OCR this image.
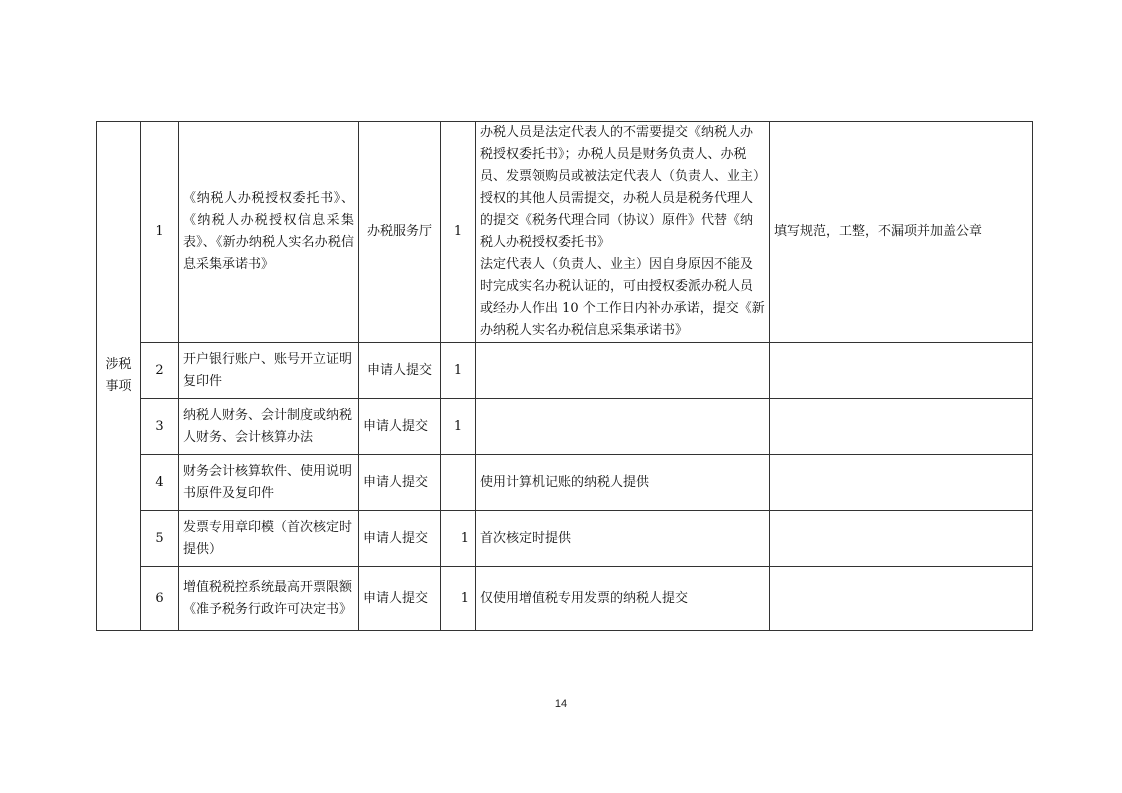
涉税事项	1	《纳税人办税授权委托书》、《纳税人办税授权信息采集表》、《新办纳税人实名办税信息采集承诺书》	办税服务厅	1	办税人员是法定代表人的不需要提交《纳税人办税授权委托书》；办税人员是财务负责人、办税员、发票领购员或被法定代表人（负责人、业主）授权的其他人员需提交，办税人员是税务代理人的提交《税务代理合同（协议）原件》代替《纳税人办税授权委托书》
法定代表人（负责人、业主）因自身原因不能及时完成实名办税认证的，可由授权委派办税人员或经办人作出 10 个工作日内补办承诺，提交《新办纳税人实名办税信息采集承诺书》	填写规范，工整，不漏项并加盖公章
	2	开户银行账户、账号开立证明复印件	申请人提交	1		
	3	纳税人财务、会计制度或纳税人财务、会计核算办法	申请人提交	1		
	4	财务会计核算软件、使用说明书原件及复印件	申请人提交		使用计算机记账的纳税人提供	
	5	发票专用章印模（首次核定时提供）	申请人提交	1	首次核定时提供	
	6	增值税税控系统最高开票限额《准予税务行政许可决定书》	申请人提交	1	仅使用增值税专用发票的纳税人提交	
14
